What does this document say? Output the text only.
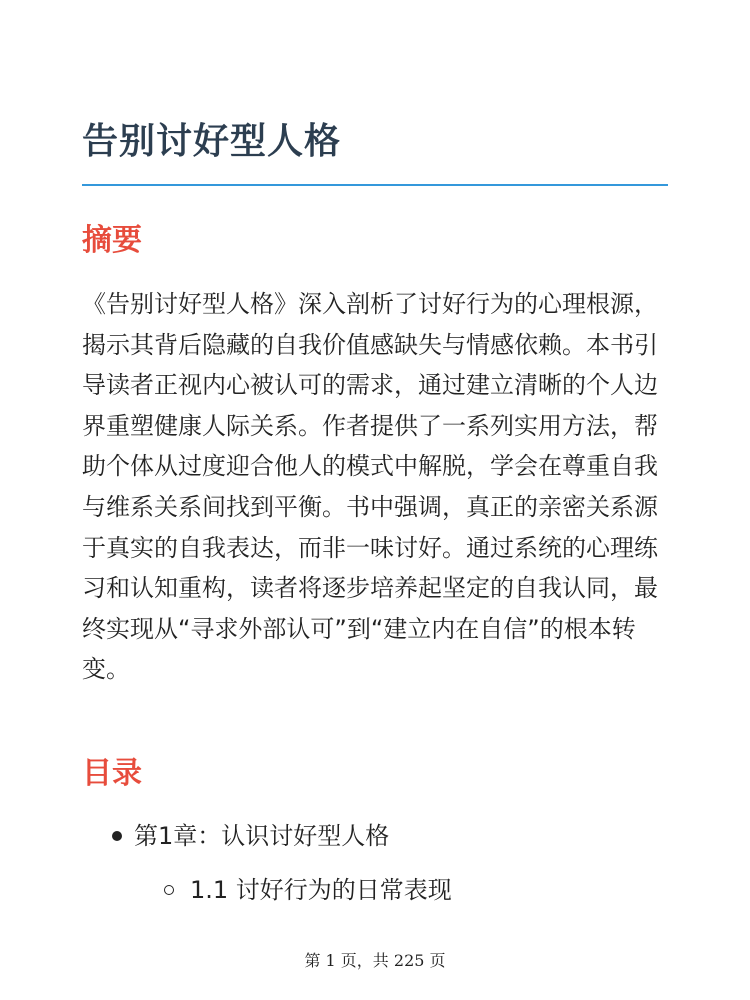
告别讨好型人格
摘要

《告别讨好型人格》深入剖析了讨好行为的心理根源，揭示其背后隐藏的自我价值感缺失与情感依赖。本书引导读者正视内心被认可的需求，通过建立清晰的个人边界重塑健康人际关系。作者提供了一系列实用方法，帮助个体从过度迎合他人的模式中解脱，学会在尊重自我与维系关系间找到平衡。书中强调，真正的亲密关系源于真实的自我表达，而非一味讨好。通过系统的心理练习和认知重构，读者将逐步培养起坚定的自我认同，最终实现从“寻求外部认可”到“建立内在自信”的根本转变。

目录
第1章：认识讨好型人格
1.1 讨好行为的日常表现
第 1 页，共 225 页
